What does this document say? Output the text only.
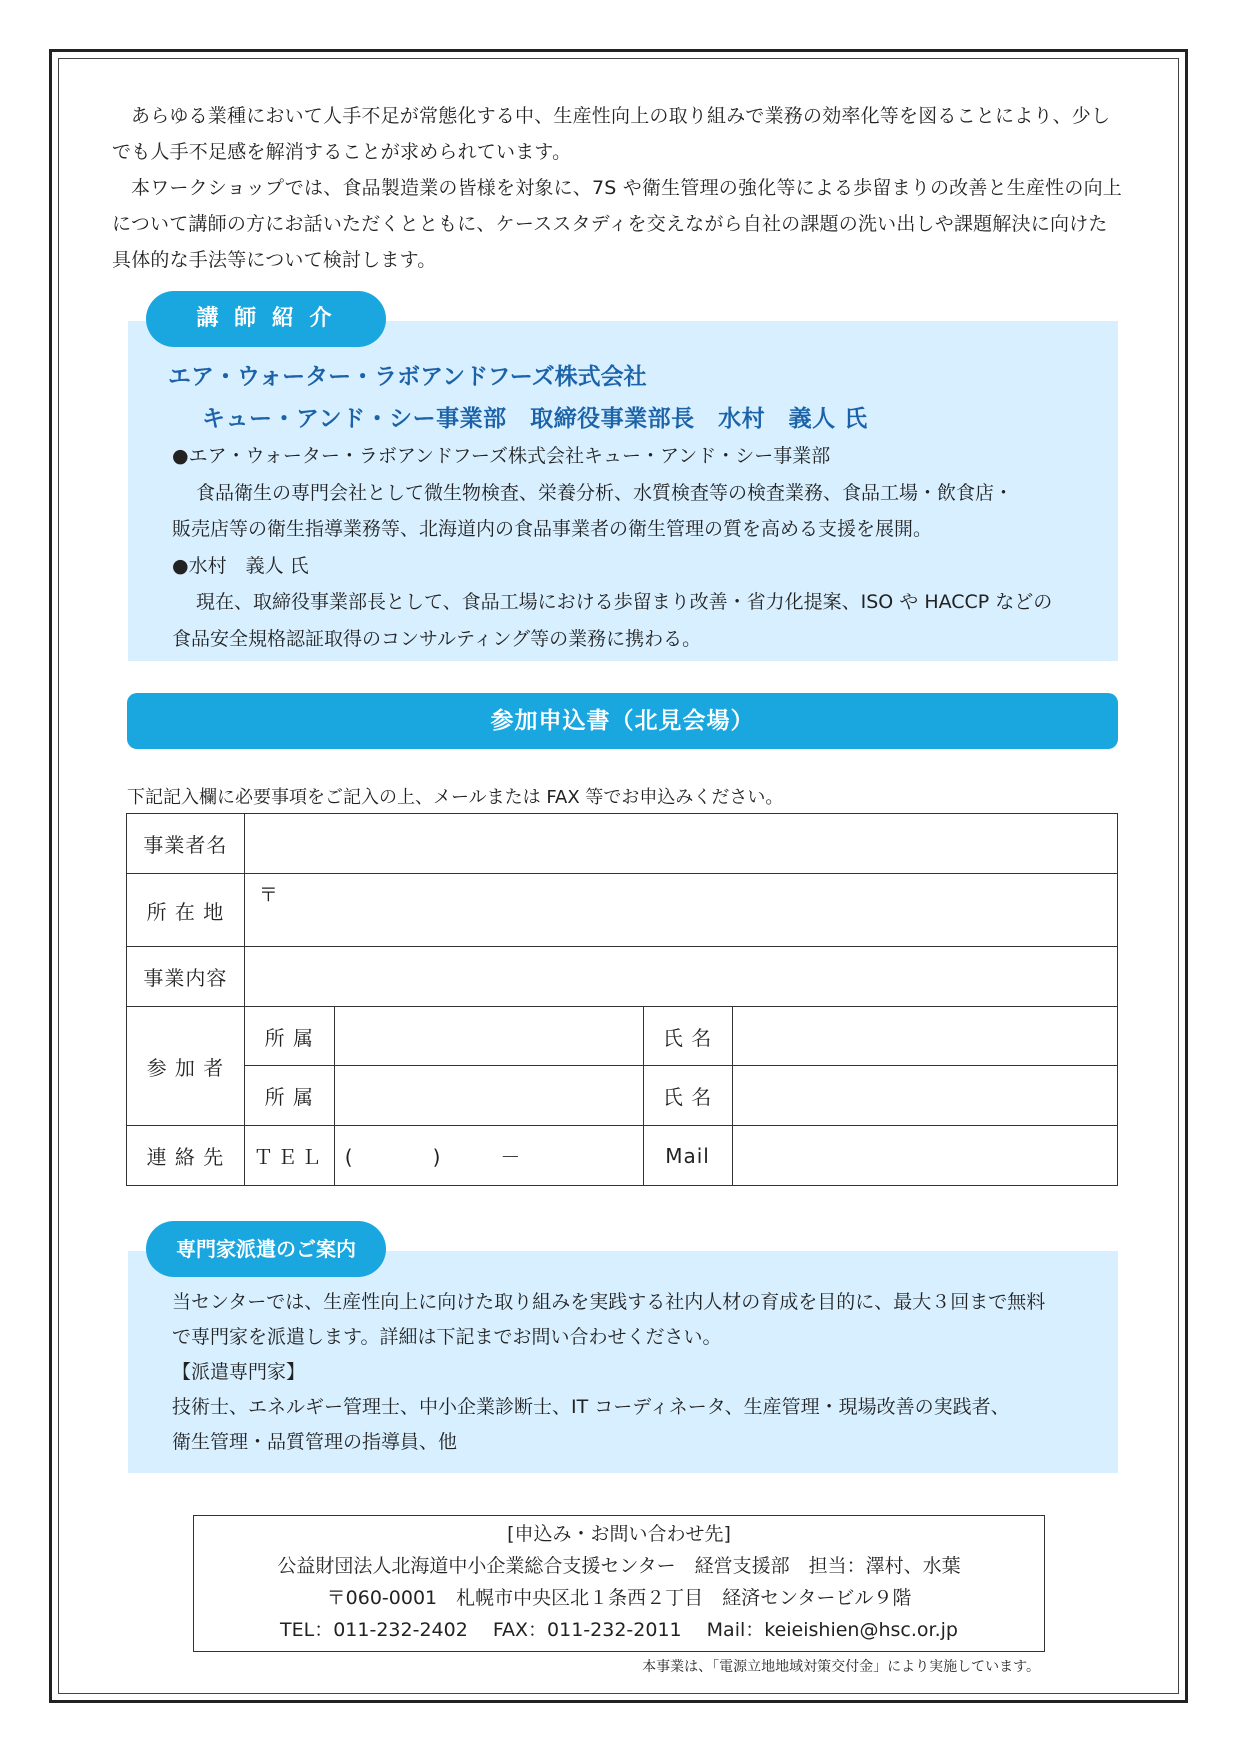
あらゆる業種において人手不足が常態化する中、生産性向上の取り組みで業務の効率化等を図ることにより、少しでも人手不足感を解消することが求められています。

本ワークショップでは、食品製造業の皆様を対象に、7S や衛生管理の強化等による歩留まりの改善と生産性の向上について講師の方にお話いただくとともに、ケーススタディを交えながら自社の課題の洗い出しや課題解決に向けた具体的な手法等について検討します。

講 師 紹 介

エア・ウォーター・ラボアンドフーズ株式会社

キュー・アンド・シー事業部　取締役事業部長　水村　義人 氏

●エア・ウォーター・ラボアンドフーズ株式会社キュー・アンド・シー事業部

食品衛生の専門会社として微生物検査、栄養分析、水質検査等の検査業務、食品工場・飲食店・

販売店等の衛生指導業務等、北海道内の食品事業者の衛生管理の質を高める支援を展開。

●水村　義人 氏

現在、取締役事業部長として、食品工場における歩留まり改善・省力化提案、ISO や HACCP などの

食品安全規格認証取得のコンサルティング等の業務に携わる。

参加申込書（北見会場）

下記記入欄に必要事項をご記入の上、メールまたは FAX 等でお申込みください。

事業者名				
所 在 地	〒			
事業内容				
参 加 者	所 属		氏 名	
	所 属		氏 名	
連 絡 先	ＴＥＬ	(　　　　)　　　－	Mail	
専門家派遣のご案内

当センターでは、生産性向上に向けた取り組みを実践する社内人材の育成を目的に、最大３回まで無料

で専門家を派遣します。詳細は下記までお問い合わせください。

【派遣専門家】

技術士、エネルギー管理士、中小企業診断士、IT コーディネータ、生産管理・現場改善の実践者、

衛生管理・品質管理の指導員、他

[申込み・お問い合わせ先]

公益財団法人北海道中小企業総合支援センター　経営支援部　担当：澤村、水葉

〒060-0001　札幌市中央区北１条西２丁目　経済センタービル９階

TEL：011-232-2402　 FAX：011-232-2011　 Mail：keieishien@hsc.or.jp

本事業は、「電源立地地域対策交付金」により実施しています。
